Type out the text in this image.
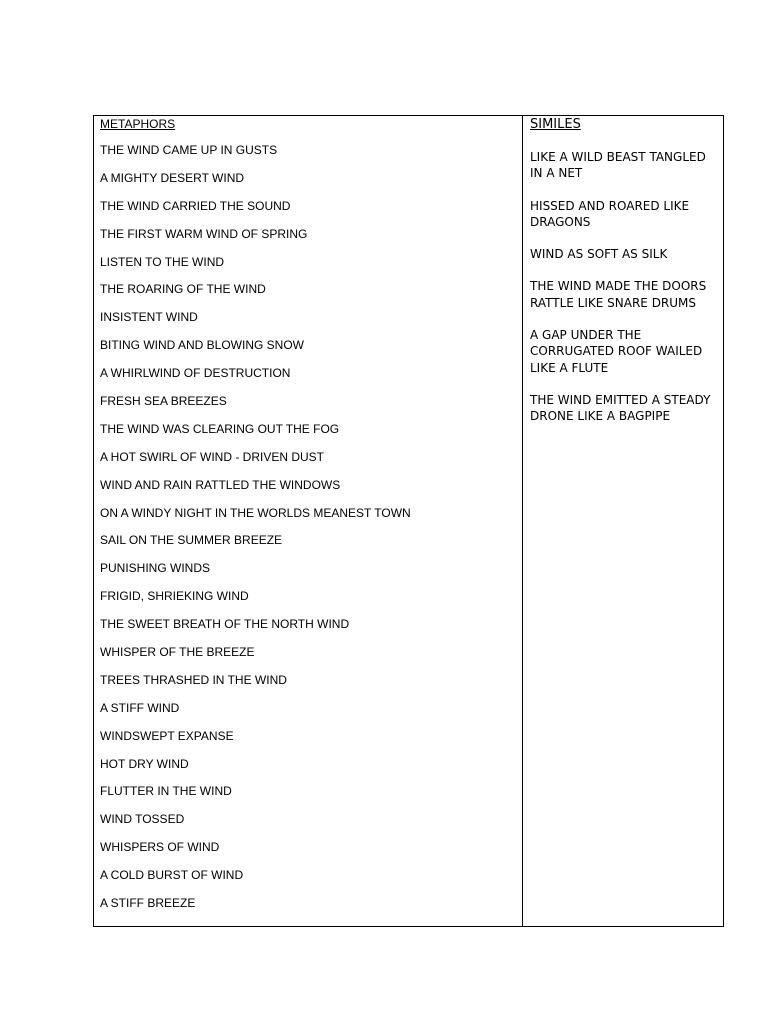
METAPHORS
THE WIND CAME UP IN GUSTS
A MIGHTY DESERT WIND
THE WIND CARRIED THE SOUND
THE FIRST WARM WIND OF SPRING
LISTEN TO THE WIND
THE ROARING OF THE WIND
INSISTENT WIND
BITING WIND AND BLOWING SNOW
A WHIRLWIND OF DESTRUCTION
FRESH SEA BREEZES
THE WIND WAS CLEARING OUT THE FOG
A HOT SWIRL OF WIND - DRIVEN DUST
WIND AND RAIN RATTLED THE WINDOWS
ON A WINDY NIGHT IN THE WORLDS MEANEST TOWN
SAIL ON THE SUMMER BREEZE
PUNISHING WINDS
FRIGID, SHRIEKING WIND
THE SWEET BREATH OF THE NORTH WIND
WHISPER OF THE BREEZE
TREES THRASHED IN THE WIND
A STIFF WIND
WINDSWEPT EXPANSE
HOT DRY WIND
FLUTTER IN THE WIND
WIND TOSSED
WHISPERS OF WIND
A COLD BURST OF WIND
A STIFF BREEZE
SIMILES
LIKE A WILD BEAST TANGLED IN A NET
HISSED AND ROARED LIKE DRAGONS
WIND AS SOFT AS SILK
THE WIND MADE THE DOORS RATTLE LIKE SNARE DRUMS
A GAP UNDER THE CORRUGATED ROOF WAILED LIKE A FLUTE
THE WIND EMITTED A STEADY DRONE LIKE A BAGPIPE
